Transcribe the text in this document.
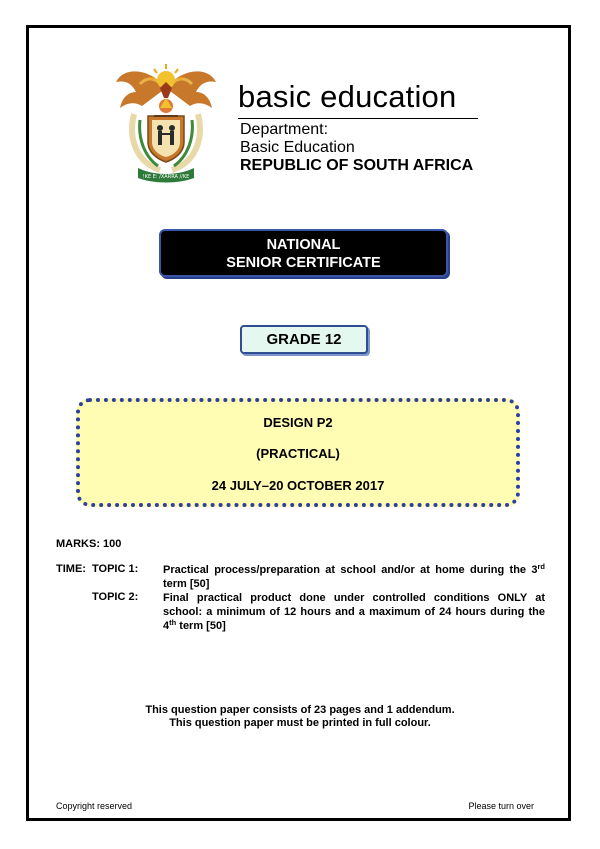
!KE E: /XARRA //KE
basic education
Department:
Basic Education
REPUBLIC OF SOUTH AFRICA
NATIONAL
SENIOR CERTIFICATE
GRADE 12
DESIGN P2
(PRACTICAL)
24 JULY–20 OCTOBER 2017
MARKS: 100
TIME: TOPIC 1: Practical process/preparation at school and/or at home during the 3rd term [50]
TOPIC 2: Final practical product done under controlled conditions ONLY at school: a minimum of 12 hours and a maximum of 24 hours during the 4th term [50]
This question paper consists of 23 pages and 1 addendum.
This question paper must be printed in full colour.
Copyright reserved	Please turn over
